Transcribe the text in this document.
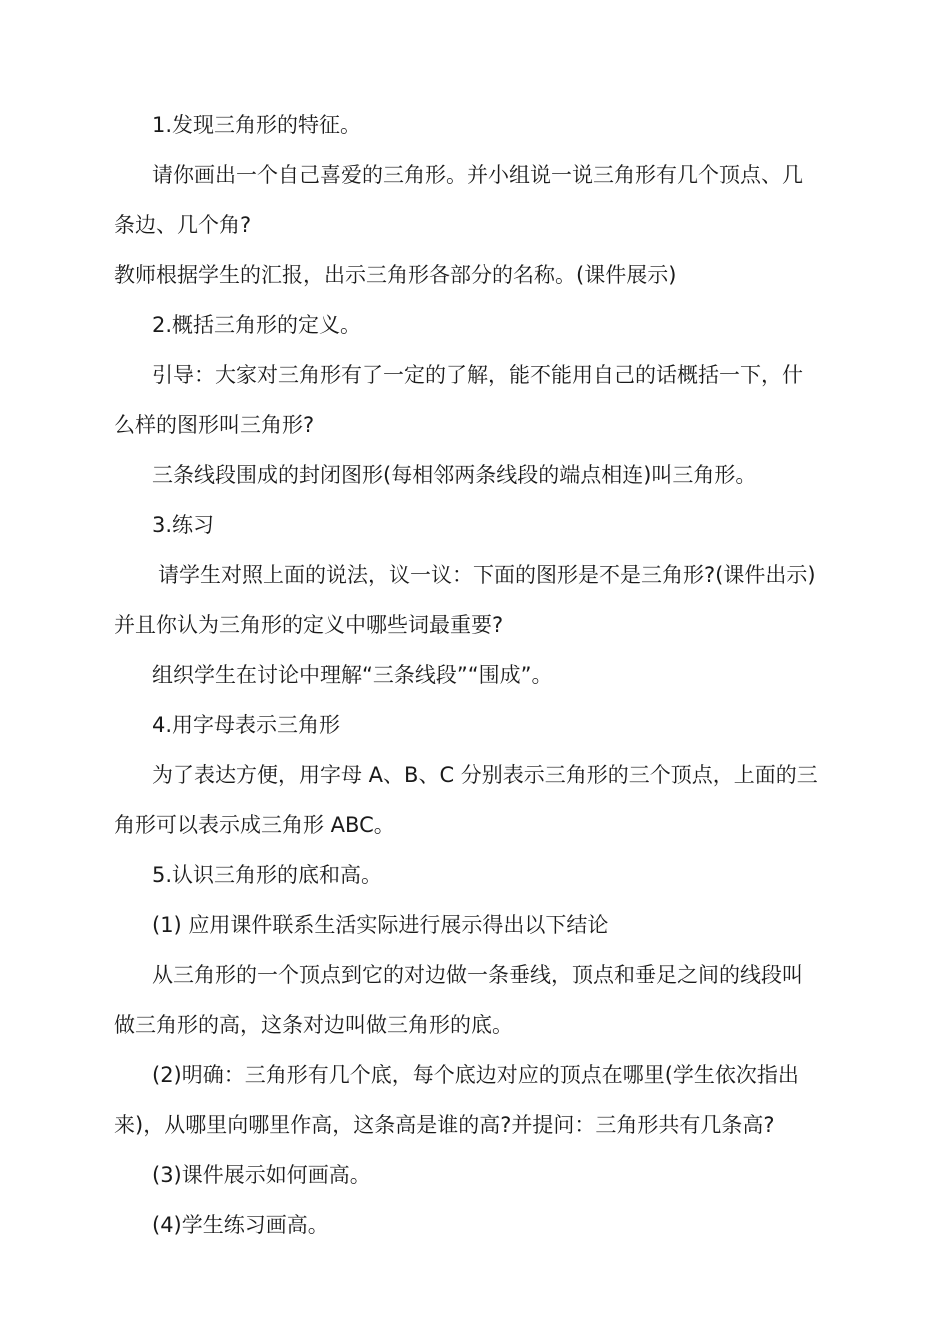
1.发现三角形的特征。

请你画出一个自己喜爱的三角形。并小组说一说三角形有几个顶点、几

条边、几个角?

教师根据学生的汇报，出示三角形各部分的名称。(课件展示)

2.概括三角形的定义。

引导：大家对三角形有了一定的了解，能不能用自己的话概括一下，什

么样的图形叫三角形?

三条线段围成的封闭图形(每相邻两条线段的端点相连)叫三角形。

3.练习

请学生对照上面的说法，议一议：下面的图形是不是三角形?(课件出示)

并且你认为三角形的定义中哪些词最重要?

组织学生在讨论中理解“三条线段”“围成”。

4.用字母表示三角形

为了表达方便，用字母 A、B、C 分别表示三角形的三个顶点，上面的三

角形可以表示成三角形 ABC。

5.认识三角形的底和高。

(1) 应用课件联系生活实际进行展示得出以下结论

从三角形的一个顶点到它的对边做一条垂线，顶点和垂足之间的线段叫

做三角形的高，这条对边叫做三角形的底。

(2)明确：三角形有几个底，每个底边对应的顶点在哪里(学生依次指出

来)，从哪里向哪里作高，这条高是谁的高?并提问：三角形共有几条高?

(3)课件展示如何画高。

(4)学生练习画高。
